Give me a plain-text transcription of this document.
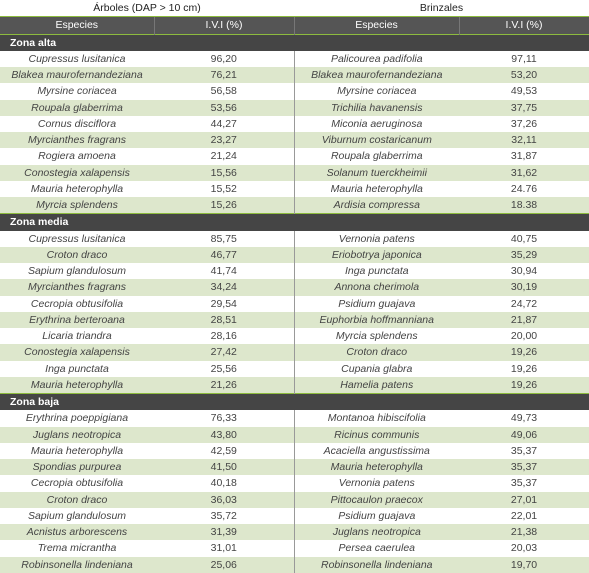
Árboles (DAP > 10 cm)		Brinzales	
Especies	I.V.I (%)	Especies	I.V.I (%)
Zona alta			
Cupressus lusitanica	96,20	Palicourea padifolia	97,11
Blakea maurofernandeziana	76,21	Blakea maurofernandeziana	53,20
Myrsine coriacea	56,58	Myrsine coriacea	49,53
Roupala glaberrima	53,56	Trichilia havanensis	37,75
Cornus disciflora	44,27	Miconia aeruginosa	37,26
Myrcianthes fragrans	23,27	Viburnum costaricanum	32,11
Rogiera amoena	21,24	Roupala glaberrima	31,87
Conostegia xalapensis	15,56	Solanum tuerckheimii	31,62
Mauria heterophylla	15,52	Mauria heterophylla	24.76
Myrcia splendens	15,26	Ardisia compressa	18.38
Zona media			
Cupressus lusitanica	85,75	Vernonia patens	40,75
Croton draco	46,77	Eriobotrya japonica	35,29
Sapium glandulosum	41,74	Inga punctata	30,94
Myrcianthes fragrans	34,24	Annona cherimola	30,19
Cecropia obtusifolia	29,54	Psidium guajava	24,72
Erythrina berteroana	28,51	Euphorbia hoffmanniana	21,87
Licaria triandra	28,16	Myrcia splendens	20,00
Conostegia xalapensis	27,42	Croton draco	19,26
Inga punctata	25,56	Cupania glabra	19,26
Mauria heterophylla	21,26	Hamelia patens	19,26
Zona baja			
Erythrina poeppigiana	76,33	Montanoa hibiscifolia	49,73
Juglans neotropica	43,80	Ricinus communis	49,06
Mauria heterophylla	42,59	Acaciella angustissima	35,37
Spondias purpurea	41,50	Mauria heterophylla	35,37
Cecropia obtusifolia	40,18	Vernonia patens	35,37
Croton draco	36,03	Pittocaulon praecox	27,01
Sapium glandulosum	35,72	Psidium guajava	22,01
Acnistus arborescens	31,39	Juglans neotropica	21,38
Trema micrantha	31,01	Persea caerulea	20,03
Robinsonella lindeniana	25,06	Robinsonella lindeniana	19,70
